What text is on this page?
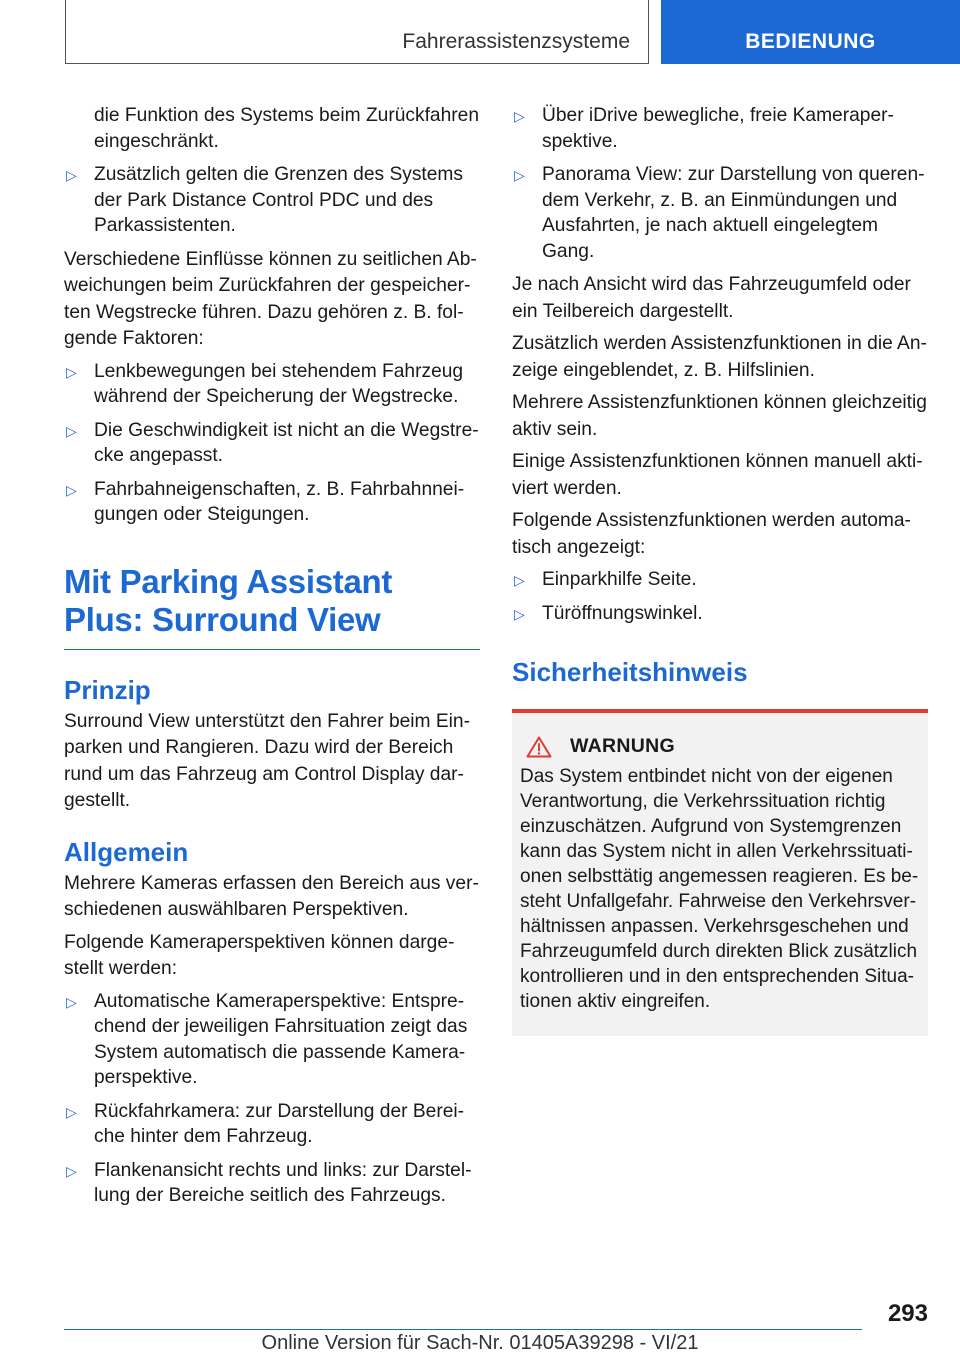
Fahrerassistenzsysteme	BEDIENUNG
die Funktion des Systems beim Zurückfahren eingeschränkt.
▷ Zusätzlich gelten die Grenzen des Systems der Park Distance Control PDC und des Parkassistenten.

Verschiedene Einflüsse können zu seitlichen Abweichungen beim Zurückfahren der gespeicherten Wegstrecke führen. Dazu gehören z. B. folgende Faktoren:

▷ Lenkbewegungen bei stehendem Fahrzeug während der Speicherung der Wegstrecke.
▷ Die Geschwindigkeit ist nicht an die Wegstrecke angepasst.
▷ Fahrbahneigenschaften, z. B. Fahrbahnneigungen oder Steigungen.
Mit Parking Assistant Plus: Surround View
Prinzip

Surround View unterstützt den Fahrer beim Einparken und Rangieren. Dazu wird der Bereich rund um das Fahrzeug am Control Display dargestellt.

Allgemein

Mehrere Kameras erfassen den Bereich aus verschiedenen auswählbaren Perspektiven.

Folgende Kameraperspektiven können dargestellt werden:

▷ Automatische Kameraperspektive: Entsprechend der jeweiligen Fahrsituation zeigt das System automatisch die passende Kameraperspektive.
▷ Rückfahrkamera: zur Darstellung der Bereiche hinter dem Fahrzeug.
▷ Flankenansicht rechts und links: zur Darstellung der Bereiche seitlich des Fahrzeugs.
▷ Über iDrive bewegliche, freie Kameraperspektive.
▷ Panorama View: zur Darstellung von querendem Verkehr, z. B. an Einmündungen und Ausfahrten, je nach aktuell eingelegtem Gang.

Je nach Ansicht wird das Fahrzeugumfeld oder ein Teilbereich dargestellt.

Zusätzlich werden Assistenzfunktionen in die Anzeige eingeblendet, z. B. Hilfslinien.

Mehrere Assistenzfunktionen können gleichzeitig aktiv sein.

Einige Assistenzfunktionen können manuell aktiviert werden.

Folgende Assistenzfunktionen werden automatisch angezeigt:

▷ Einparkhilfe Seite.
▷ Türöffnungswinkel.
Sicherheitshinweis
WARNUNG
Das System entbindet nicht von der eigenen Verantwortung, die Verkehrssituation richtig einzuschätzen. Aufgrund von Systemgrenzen kann das System nicht in allen Verkehrssituationen selbsttätig angemessen reagieren. Es besteht Unfallgefahr. Fahrweise den Verkehrsverhältnissen anpassen. Verkehrsgeschehen und Fahrzeugumfeld durch direkten Blick zusätzlich kontrollieren und in den entsprechenden Situationen aktiv eingreifen.
293
Online Version für Sach-Nr. 01405A39298 - VI/21
